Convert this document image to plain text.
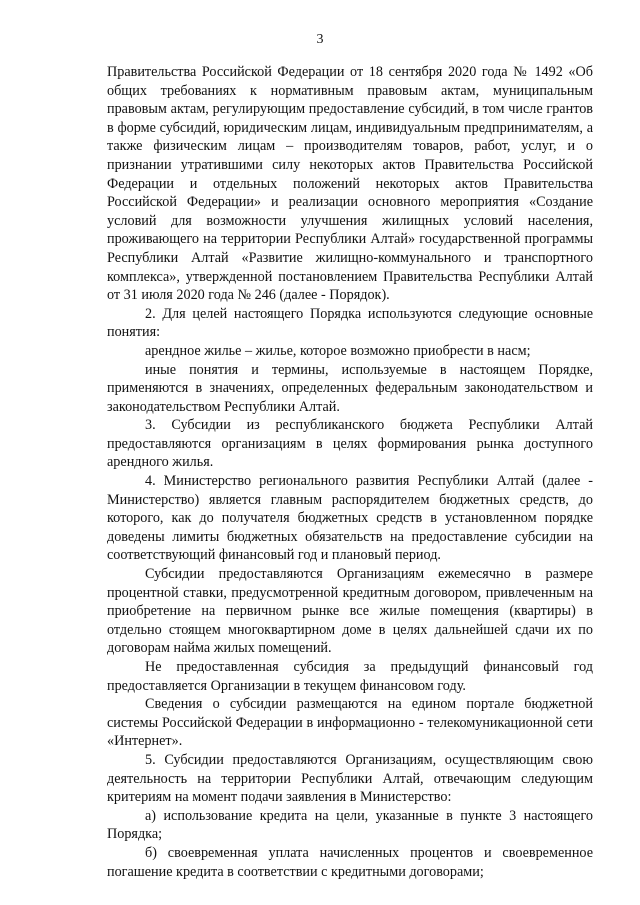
3

Правительства Российской Федерации от 18 сентября 2020 года № 1492 «Об общих требованиях к нормативным правовым актам, муниципальным правовым актам, регулирующим предоставление субсидий, в том числе грантов в форме субсидий, юридическим лицам, индивидуальным предпринимателям, а также физическим лицам – производителям товаров, работ, услуг, и о признании утратившими силу некоторых актов Правительства Российской Федерации и отдельных положений некоторых актов Правительства Российской Федерации» и реализации основного мероприятия «Создание условий для возможности улучшения жилищных условий населения, проживающего на территории Республики Алтай» государственной программы Республики Алтай «Развитие жилищно-коммунального и транспортного комплекса», утвержденной постановлением Правительства Республики Алтай от 31 июля 2020 года № 246 (далее - Порядок).

2. Для целей настоящего Порядка используются следующие основные понятия:

арендное жилье – жилье, которое возможно приобрести в насм;

иные понятия и термины, используемые в настоящем Порядке, применяются в значениях, определенных федеральным законодательством и законодательством Республики Алтай.

3. Субсидии из республиканского бюджета Республики Алтай предоставляются организациям в целях формирования рынка доступного арендного жилья.

4. Министерство регионального развития Республики Алтай (далее - Министерство) является главным распорядителем бюджетных средств, до которого, как до получателя бюджетных средств в установленном порядке доведены лимиты бюджетных обязательств на предоставление субсидии на соответствующий финансовый год и плановый период.

Субсидии предоставляются Организациям ежемесячно в размере процентной ставки, предусмотренной кредитным договором, привлеченным на приобретение на первичном рынке все жилые помещения (квартиры) в отдельно стоящем многоквартирном доме в целях дальнейшей сдачи их по договорам найма жилых помещений.

Не предоставленная субсидия за предыдущий финансовый год предоставляется Организации в текущем финансовом году.

Сведения о субсидии размещаются на едином портале бюджетной системы Российской Федерации в информационно - телекомуникационной сети «Интернет».

5. Субсидии предоставляются Организациям, осуществляющим свою деятельность на территории Республики Алтай, отвечающим следующим критериям на момент подачи заявления в Министерство:

а) использование кредита на цели, указанные в пункте 3 настоящего Порядка;

б) своевременная уплата начисленных процентов и своевременное погашение кредита в соответствии с кредитными договорами;
